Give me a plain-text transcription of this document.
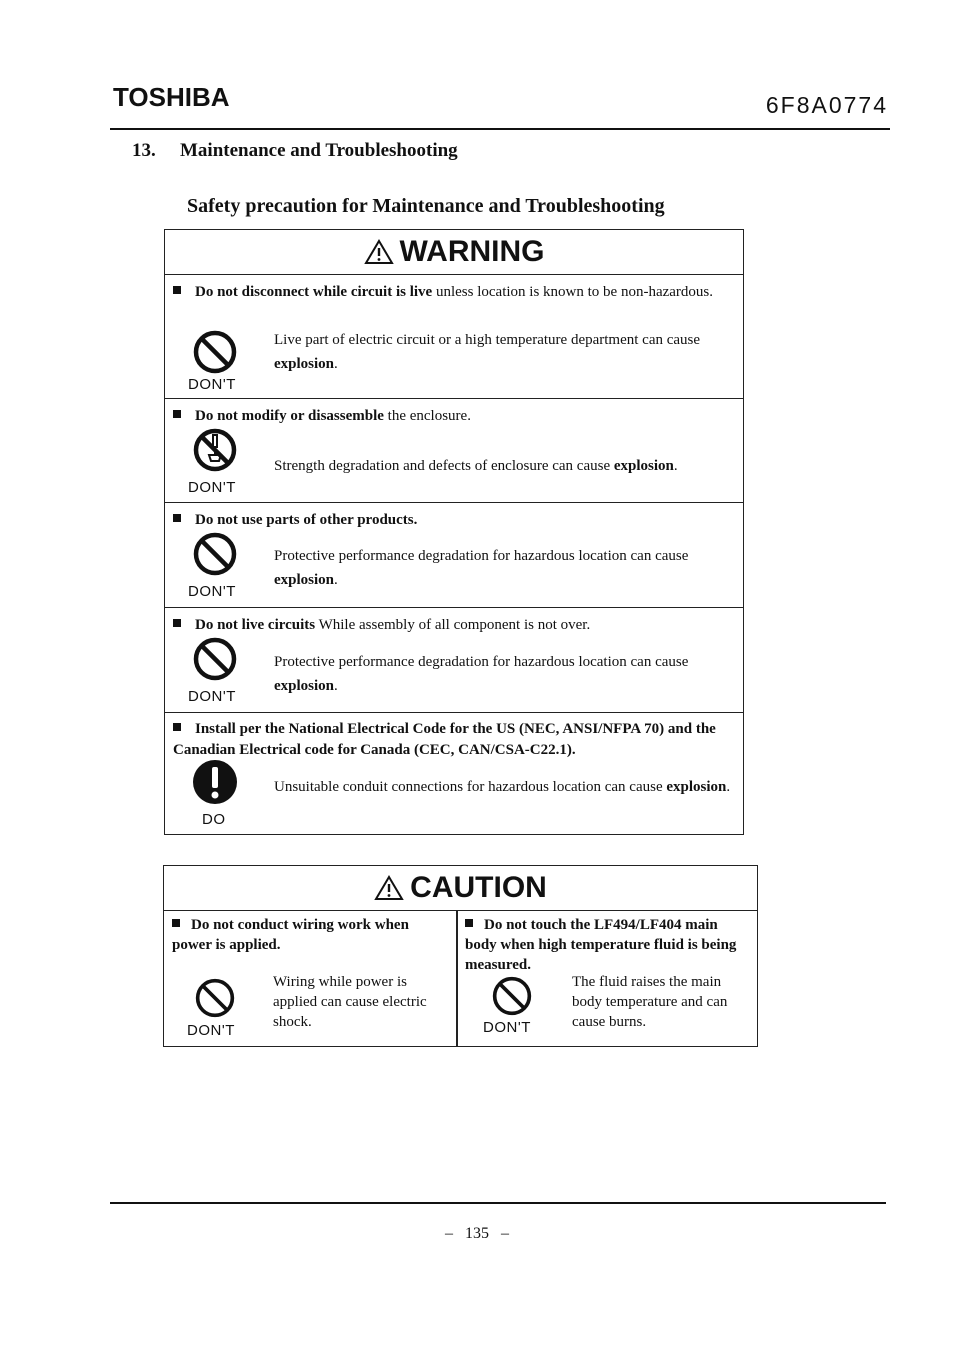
TOSHIBA	6F8A0774
13. Maintenance and Troubleshooting
Safety precaution for Maintenance and Troubleshooting
WARNING
Do not disconnect while circuit is live unless location is known to be non-hazardous.
DON'T
Live part of electric circuit or a high temperature department can cause explosion.
Do not modify or disassemble the enclosure.
DON'T
Strength degradation and defects of enclosure can cause explosion.
Do not use parts of other products.
DON'T
Protective performance degradation for hazardous location can cause explosion.
Do not live circuits While assembly of all component is not over.
DON'T
Protective performance degradation for hazardous location can cause explosion.
Install per the National Electrical Code for the US (NEC, ANSI/NFPA 70) and the Canadian Electrical code for Canada (CEC, CAN/CSA-C22.1).
DO
Unsuitable conduit connections for hazardous location can cause explosion.
CAUTION
Do not conduct wiring work when power is applied.
DON'T
Wiring while power is applied can cause electric shock.
Do not touch the LF494/LF404 main body when high temperature fluid is being measured.
DON'T
The fluid raises the main body temperature and can cause burns.
–   135   –
